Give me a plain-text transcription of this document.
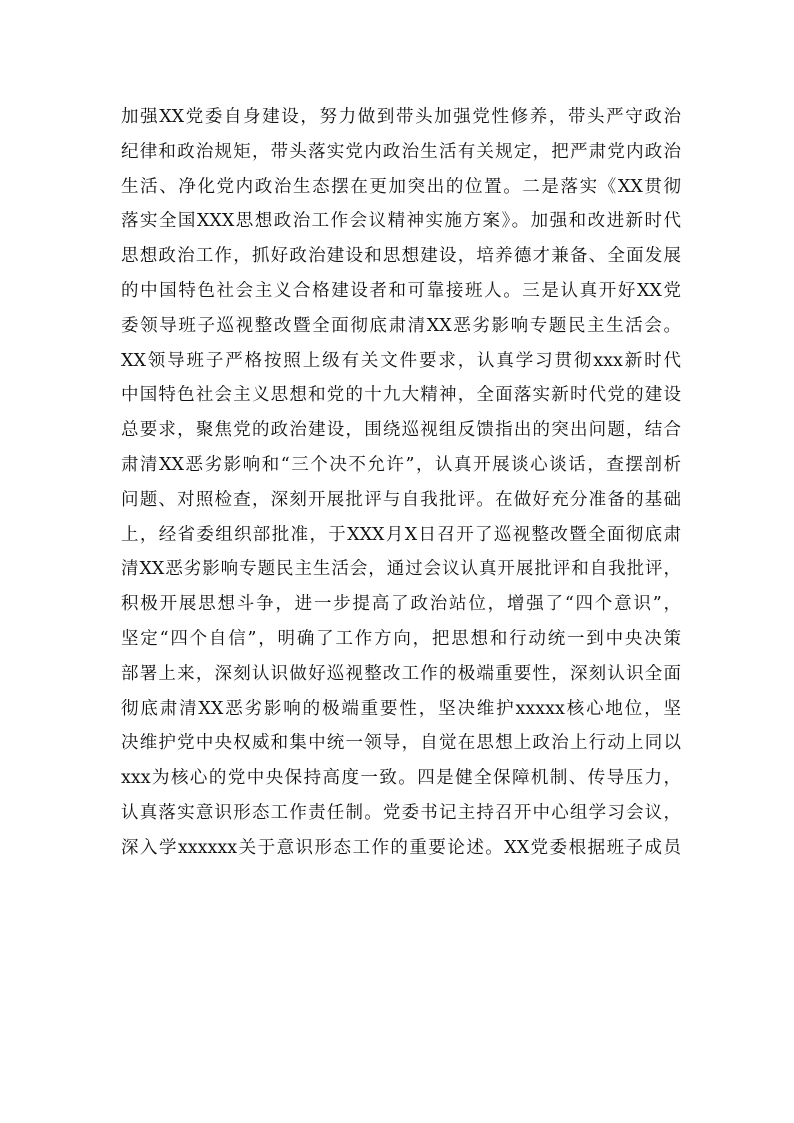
加强XX党委自身建设，努力做到带头加强党性修养，带头严守政治
纪律和政治规矩，带头落实党内政治生活有关规定，把严肃党内政治
生活、净化党内政治生态摆在更加突出的位置。二是落实《XX贯彻
落实全国XXX思想政治工作会议精神实施方案》。加强和改进新时代
思想政治工作，抓好政治建设和思想建设，培养德才兼备、全面发展
的中国特色社会主义合格建设者和可靠接班人。三是认真开好XX党
委领导班子巡视整改暨全面彻底肃清XX恶劣影响专题民主生活会。
XX领导班子严格按照上级有关文件要求，认真学习贯彻xxx新时代
中国特色社会主义思想和党的十九大精神，全面落实新时代党的建设
总要求，聚焦党的政治建设，围绕巡视组反馈指出的突出问题，结合
肃清XX恶劣影响和“三个决不允许”，认真开展谈心谈话，查摆剖析
问题、对照检查，深刻开展批评与自我批评。在做好充分准备的基础
上，经省委组织部批准，于XXX月X日召开了巡视整改暨全面彻底肃
清XX恶劣影响专题民主生活会，通过会议认真开展批评和自我批评，
积极开展思想斗争，进一步提高了政治站位，增强了“四个意识”，
坚定“四个自信”，明确了工作方向，把思想和行动统一到中央决策
部署上来，深刻认识做好巡视整改工作的极端重要性，深刻认识全面
彻底肃清XX恶劣影响的极端重要性，坚决维护xxxxx核心地位，坚
决维护党中央权威和集中统一领导，自觉在思想上政治上行动上同以
xxx为核心的党中央保持高度一致。四是健全保障机制、传导压力，
认真落实意识形态工作责任制。党委书记主持召开中心组学习会议，
深入学xxxxxx关于意识形态工作的重要论述。XX党委根据班子成员
